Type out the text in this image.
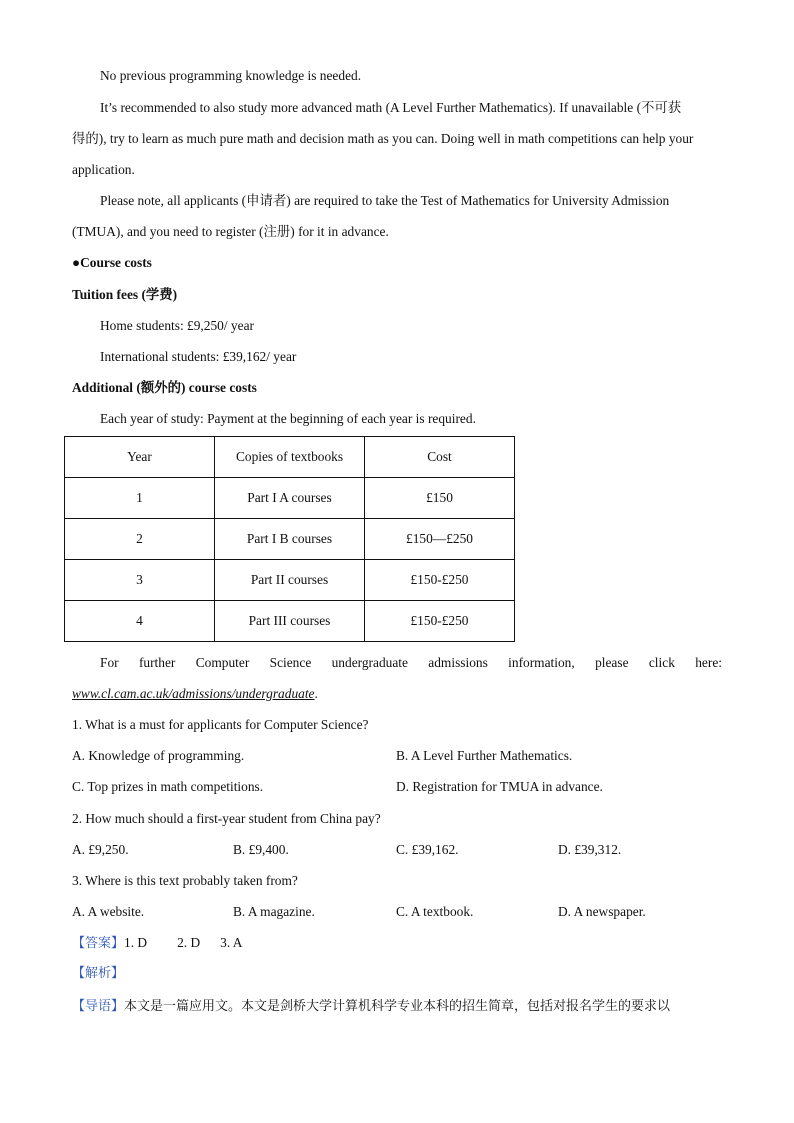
No previous programming knowledge is needed.
It’s recommended to also study more advanced math (A Level Further Mathematics). If unavailable (不可获
得的), try to learn as much pure math and decision math as you can. Doing well in math competitions can help your
application.
Please note, all applicants (申请者) are required to take the Test of Mathematics for University Admission
(TMUA), and you need to register (注册) for it in advance.
●Course costs
Tuition fees (学费)
Home students: £9,250/ year
International students: £39,162/ year
Additional (额外的) course costs
Each year of study: Payment at the beginning of each year is required.
Year	Copies of textbooks	Cost
1	Part I A courses	£150
2	Part I B courses	£150—£250
3	Part II courses	£150-£250
4	Part III courses	£150-£250
For further Computer Science undergraduate admissions information, please click here:
www.cl.cam.ac.uk/admissions/undergraduate.
1. What is a must for applicants for Computer Science?
A. Knowledge of programming.	B. A Level Further Mathematics.
C. Top prizes in math competitions.	D. Registration for TMUA in advance.
2. How much should a first-year student from China pay?
A. £9,250.	B. £9,400.	C. £39,162.	D. £39,312.
3. Where is this text probably taken from?
A. A website.	B. A magazine.	C. A textbook.	D. A newspaper.
【答案】1. D 2. D 3. A
【解析】
【导语】本文是一篇应用文。本文是剑桥大学计算机科学专业本科的招生简章，包括对报名学生的要求以
